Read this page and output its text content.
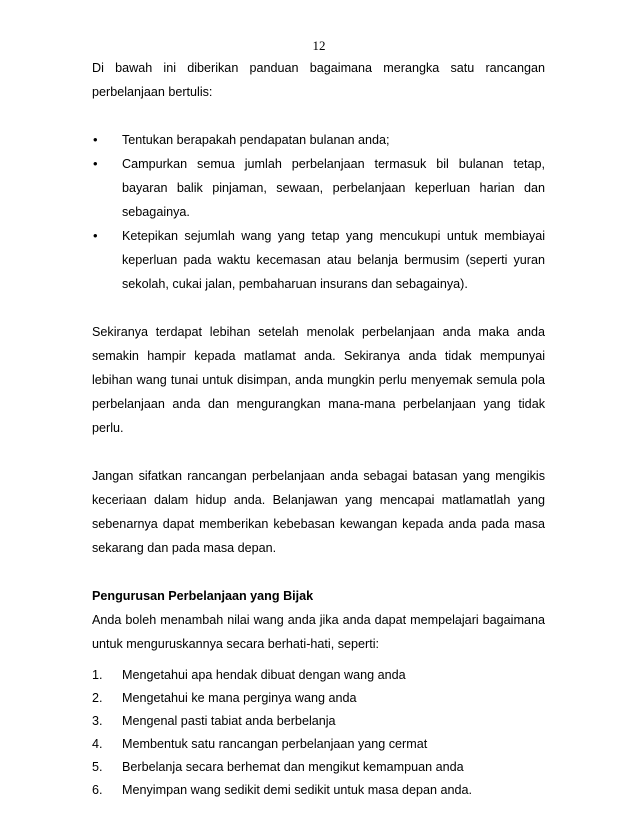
12

Di bawah ini diberikan panduan bagaimana merangka satu rancangan perbelanjaan bertulis:

• Tentukan berapakah pendapatan bulanan anda;
• Campurkan semua jumlah perbelanjaan termasuk bil bulanan tetap, bayaran balik pinjaman, sewaan, perbelanjaan keperluan harian dan sebagainya.
• Ketepikan sejumlah wang yang tetap yang mencukupi untuk membiayai keperluan pada waktu kecemasan atau belanja bermusim (seperti yuran sekolah, cukai jalan, pembaharuan insurans dan sebagainya).

Sekiranya terdapat lebihan setelah menolak perbelanjaan anda maka anda semakin hampir kepada matlamat anda. Sekiranya anda tidak mempunyai lebihan wang tunai untuk disimpan, anda mungkin perlu menyemak semula pola perbelanjaan anda dan mengurangkan mana-mana perbelanjaan yang tidak perlu.

Jangan sifatkan rancangan perbelanjaan anda sebagai batasan yang mengikis keceriaan dalam hidup anda. Belanjawan yang mencapai matlamatlah yang sebenarnya dapat memberikan kebebasan kewangan kepada anda pada masa sekarang dan pada masa depan.

Pengurusan Perbelanjaan yang Bijak

Anda boleh menambah nilai wang anda jika anda dapat mempelajari bagaimana untuk menguruskannya secara berhati-hati, seperti:

1. Mengetahui apa hendak dibuat dengan wang anda
2. Mengetahui ke mana perginya wang anda
3. Mengenal pasti tabiat anda berbelanja
4. Membentuk satu rancangan perbelanjaan yang cermat
5. Berbelanja secara berhemat dan mengikut kemampuan anda
6. Menyimpan wang sedikit demi sedikit untuk masa depan anda.
